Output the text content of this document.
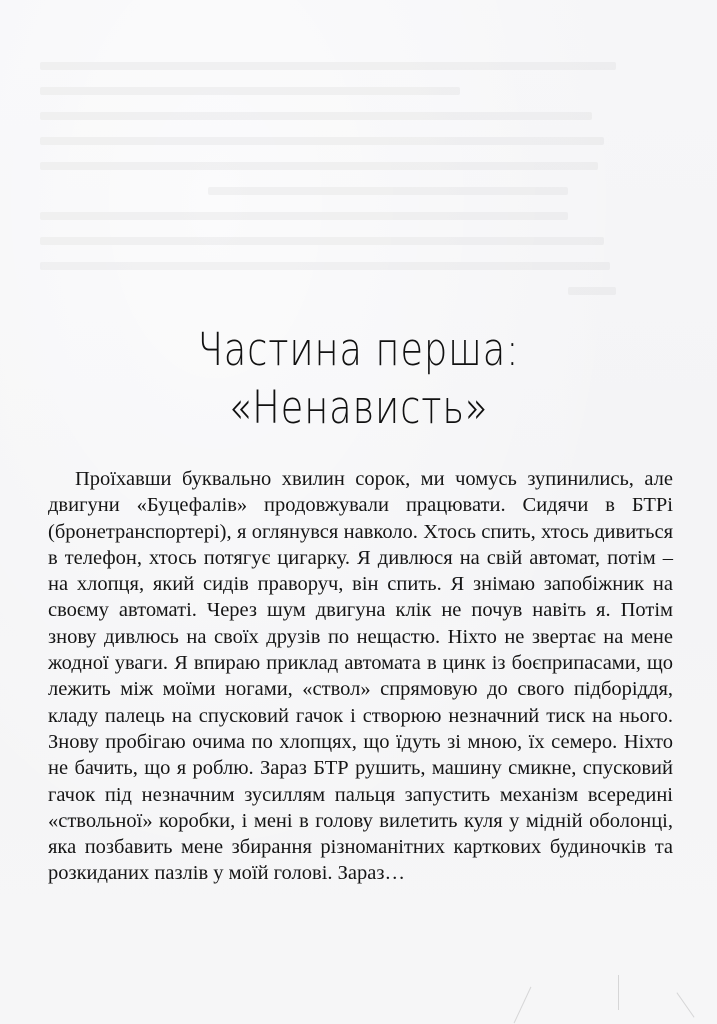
Частина перша:
«Ненависть»

Проїхавши буквально хвилин сорок, ми чомусь зупинились, але двигуни «Буцефалів» продовжували працювати. Сидячи в БТРі (бронетранспортері), я оглянувся навколо. Хтось спить, хтось дивиться в телефон, хтось потягує цигарку. Я дивлюся на свій автомат, потім – на хлопця, який сидів праворуч, він спить. Я знімаю запобіжник на своєму автоматі. Через шум двигуна клік не почув навіть я. Потім знову дивлюсь на своїх друзів по нещастю. Ніхто не звертає на мене жодної уваги. Я впираю приклад автомата в цинк із боєприпасами, що лежить між моїми ногами, «ствол» спрямовую до свого підборіддя, кладу палець на спусковий гачок і створюю незначний тиск на нього. Знову пробігаю очима по хлопцях, що їдуть зі мною, їх семеро. Ніхто не бачить, що я роблю. Зараз БТР рушить, машину смикне, спусковий гачок під незначним зусиллям пальця запустить механізм всередині «ствольної» коробки, і мені в голову вилетить куля у мідній оболонці, яка позбавить мене збирання різноманітних карткових будиночків та розкиданих пазлів у моїй голові. Зараз…
